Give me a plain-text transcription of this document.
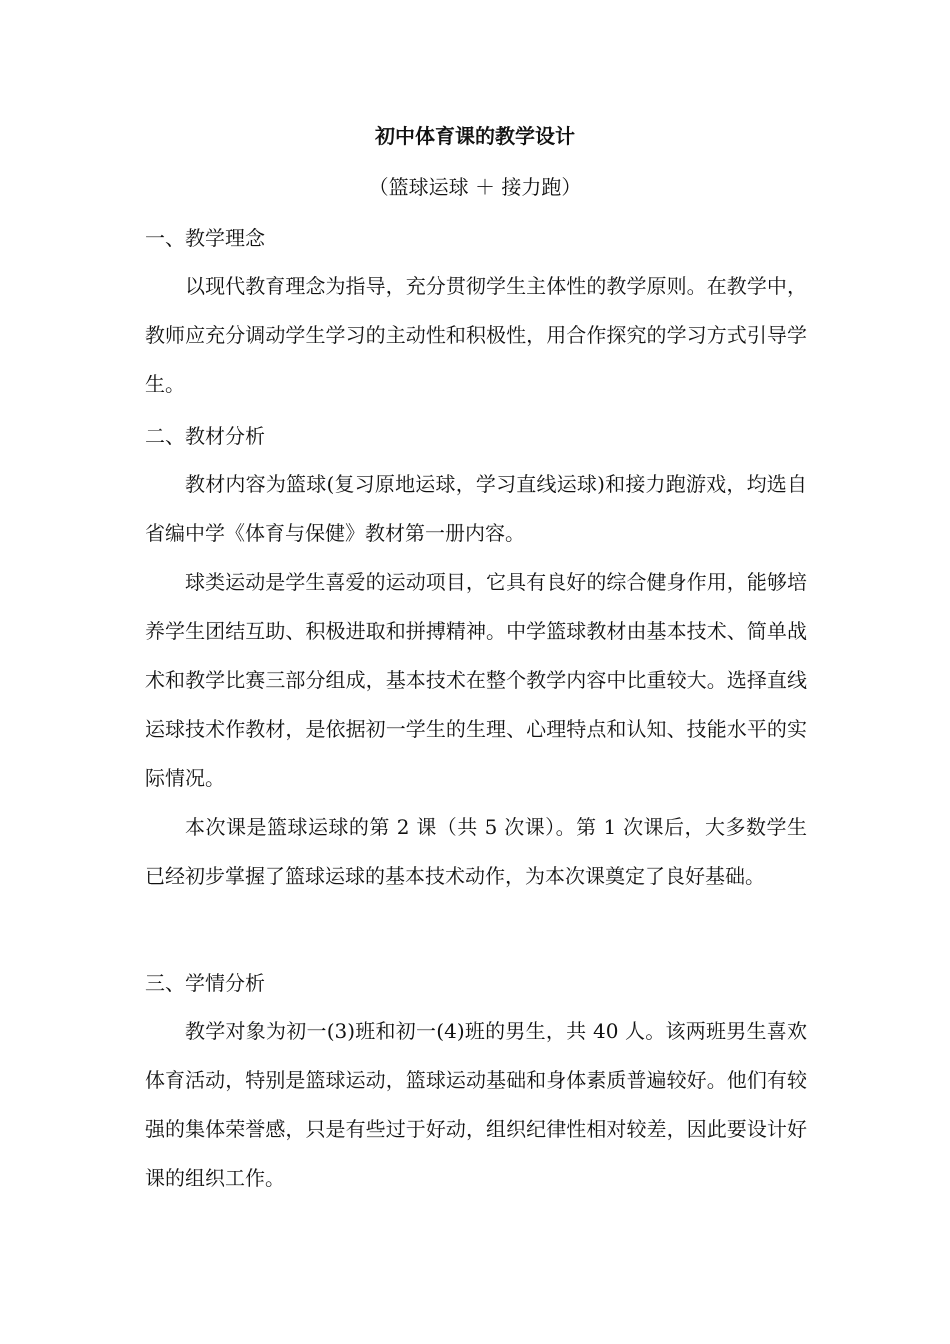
初中体育课的教学设计
（篮球运球 ＋ 接力跑）
一、教学理念
以现代教育理念为指导，充分贯彻学生主体性的教学原则。在教学中，教师应充分调动学生学习的主动性和积极性，用合作探究的学习方式引导学生。
二、教材分析
教材内容为篮球(复习原地运球，学习直线运球)和接力跑游戏，均选自省编中学《体育与保健》教材第一册内容。
球类运动是学生喜爱的运动项目，它具有良好的综合健身作用，能够培养学生团结互助、积极进取和拼搏精神。中学篮球教材由基本技术、简单战术和教学比赛三部分组成，基本技术在整个教学内容中比重较大。选择直线运球技术作教材，是依据初一学生的生理、心理特点和认知、技能水平的实际情况。
本次课是篮球运球的第 2 课（共 5 次课）。第 1 次课后，大多数学生已经初步掌握了篮球运球的基本技术动作，为本次课奠定了良好基础。
三、学情分析
教学对象为初一(3)班和初一(4)班的男生，共 40 人。该两班男生喜欢体育活动，特别是篮球运动，篮球运动基础和身体素质普遍较好。他们有较强的集体荣誉感，只是有些过于好动，组织纪律性相对较差，因此要设计好课的组织工作。
